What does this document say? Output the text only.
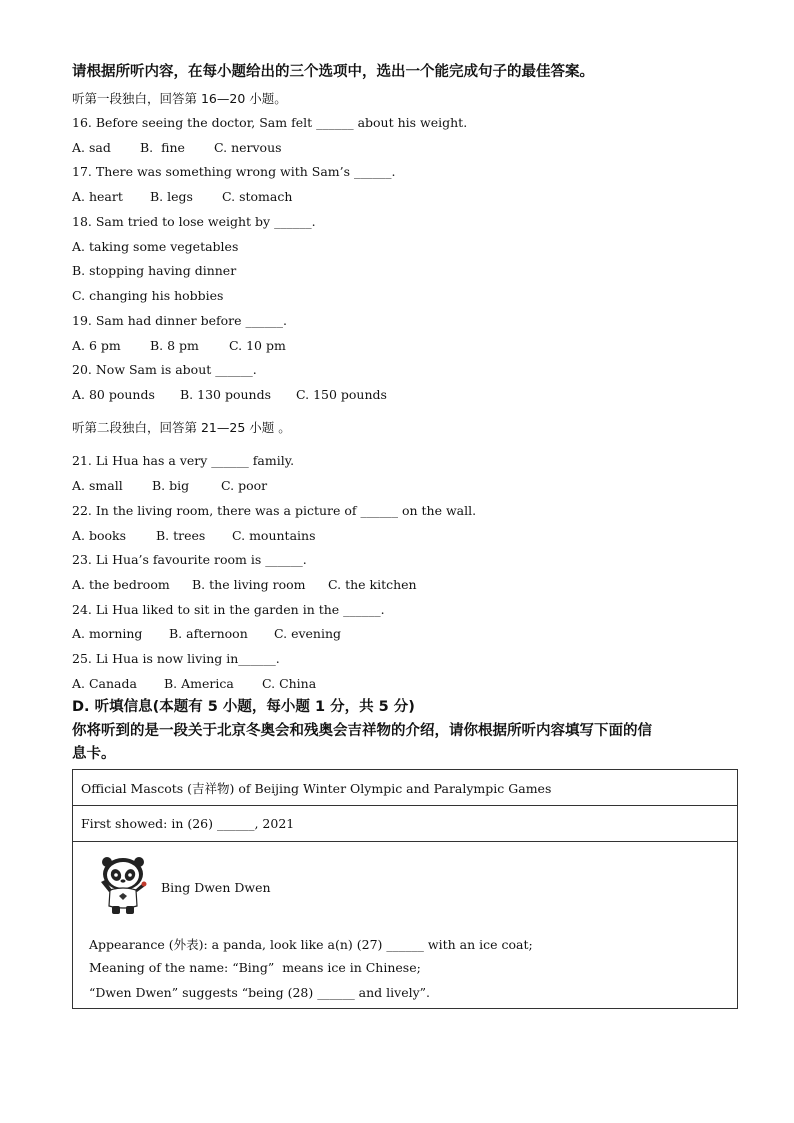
请根据所听内容，在每小题给出的三个选项中，选出一个能完成句子的最佳答案。
听第一段独白，回答第 16—20 小题。
16. Before seeing the doctor, Sam felt ______ about his weight.

A. sad

B.  fine

C. nervous

17. There was something wrong with Sam’s ______.

A. heart

B. legs

C. stomach

18. Sam tried to lose weight by ______.
A. taking some vegetables
B. stopping having dinner
C. changing his hobbies
19. Sam had dinner before ______.

A. 6 pm

B. 8 pm

C. 10 pm

20. Now Sam is about ______.

A. 80 pounds

B. 130 pounds

C. 150 pounds

听第二段独白，回答第 21—25 小题 。
21. Li Hua has a very ______ family.

A. small

B. big

	C. poor

22. In the living room, there was a picture of ______ on the wall.

A. books

B. trees

C. mountains

23. Li Hua’s favourite room is ______.

A. the bedroom

B. the living room

C. the kitchen

24. Li Hua liked to sit in the garden in the ______.

A. morning

B. afternoon

C. evening

25. Li Hua is now living in______.

A. Canada

B. America

C. China

D. 听填信息(本题有 5 小题，每小题 1 分，共 5 分)
你将听到的是一段关于北京冬奥会和残奥会吉祥物的介绍，请你根据所听内容填写下面的信
息卡。
Official Mascots (吉祥物) of Beijing Winter Olympic and Paralympic Games
First showed: in (26) ______, 2021

Bing Dwen Dwen
Appearance (外表): a panda, look like a(n) (27) ______ with an ice coat;
Meaning of the name: “Bing”  means ice in Chinese;
“Dwen Dwen” suggests “being (28) ______ and lively”.
